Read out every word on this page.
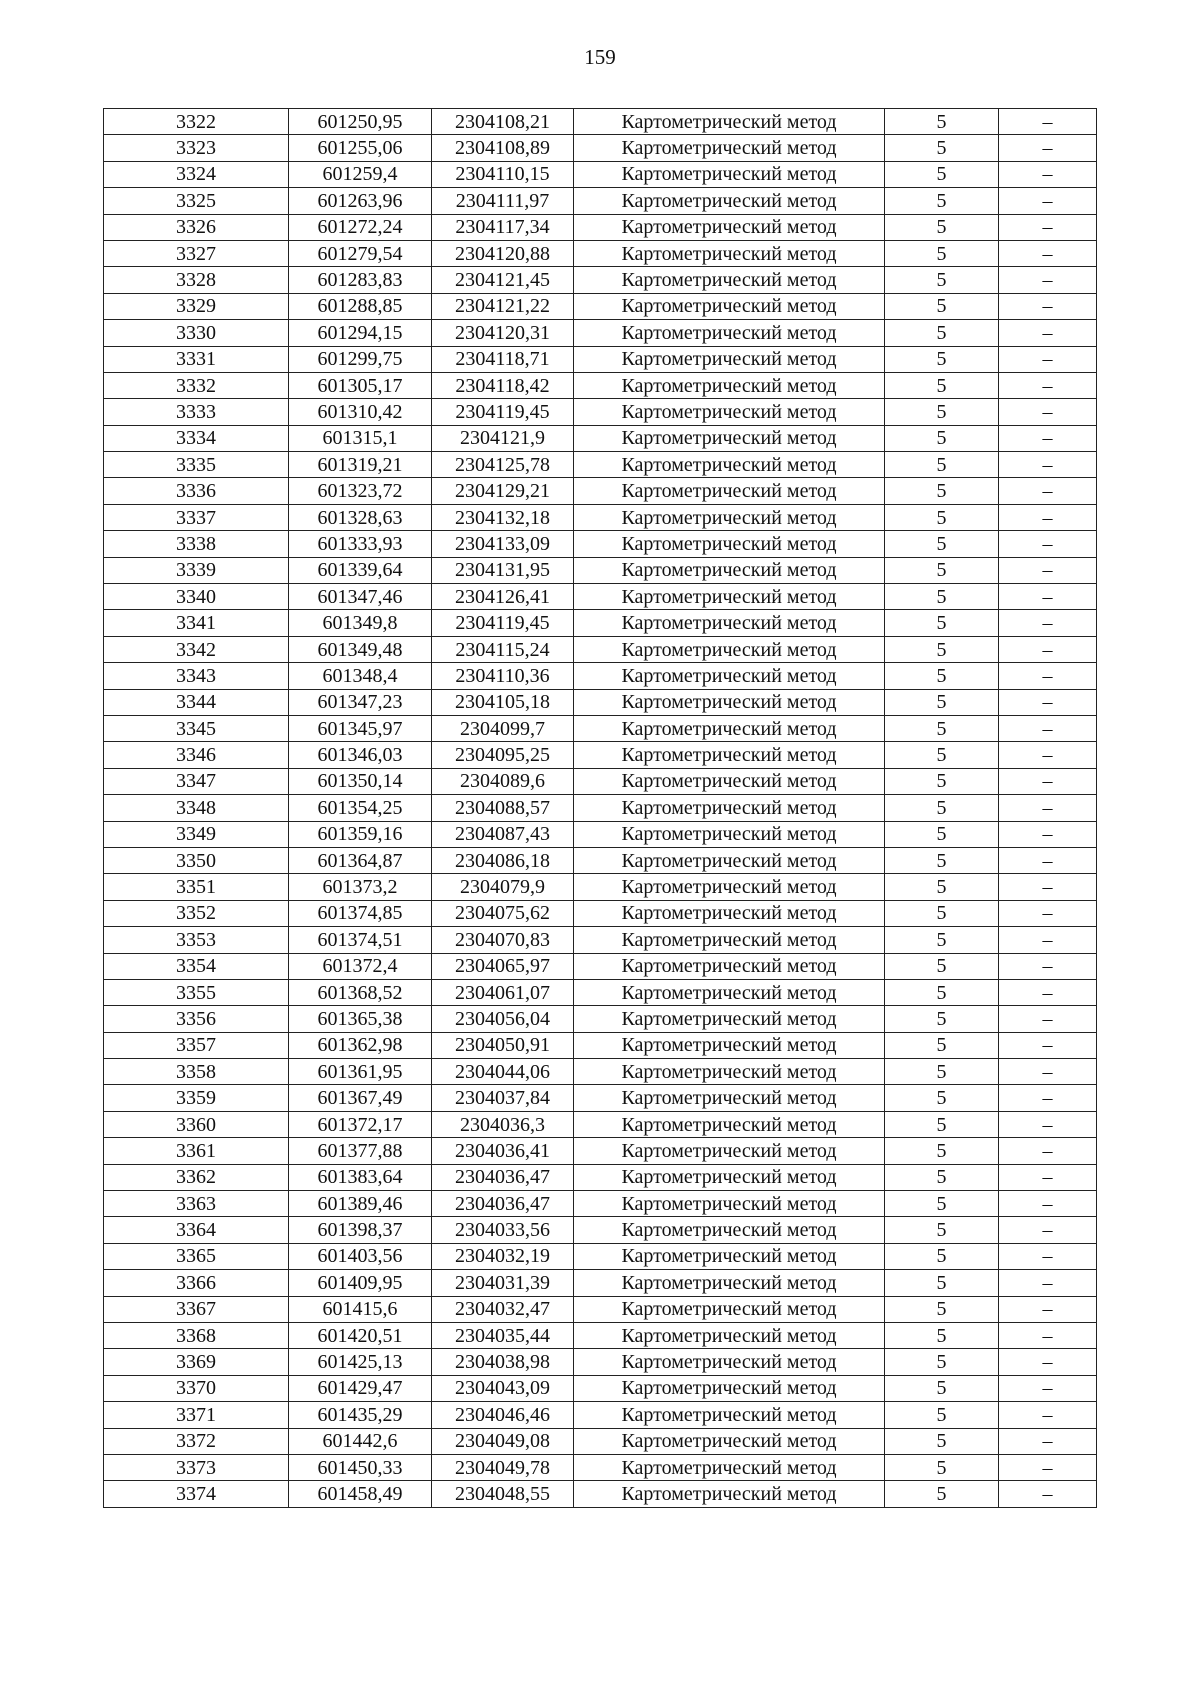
159
3322	601250,95	2304108,21	Картометрический метод	5	–
3323	601255,06	2304108,89	Картометрический метод	5	–
3324	601259,4	2304110,15	Картометрический метод	5	–
3325	601263,96	2304111,97	Картометрический метод	5	–
3326	601272,24	2304117,34	Картометрический метод	5	–
3327	601279,54	2304120,88	Картометрический метод	5	–
3328	601283,83	2304121,45	Картометрический метод	5	–
3329	601288,85	2304121,22	Картометрический метод	5	–
3330	601294,15	2304120,31	Картометрический метод	5	–
3331	601299,75	2304118,71	Картометрический метод	5	–
3332	601305,17	2304118,42	Картометрический метод	5	–
3333	601310,42	2304119,45	Картометрический метод	5	–
3334	601315,1	2304121,9	Картометрический метод	5	–
3335	601319,21	2304125,78	Картометрический метод	5	–
3336	601323,72	2304129,21	Картометрический метод	5	–
3337	601328,63	2304132,18	Картометрический метод	5	–
3338	601333,93	2304133,09	Картометрический метод	5	–
3339	601339,64	2304131,95	Картометрический метод	5	–
3340	601347,46	2304126,41	Картометрический метод	5	–
3341	601349,8	2304119,45	Картометрический метод	5	–
3342	601349,48	2304115,24	Картометрический метод	5	–
3343	601348,4	2304110,36	Картометрический метод	5	–
3344	601347,23	2304105,18	Картометрический метод	5	–
3345	601345,97	2304099,7	Картометрический метод	5	–
3346	601346,03	2304095,25	Картометрический метод	5	–
3347	601350,14	2304089,6	Картометрический метод	5	–
3348	601354,25	2304088,57	Картометрический метод	5	–
3349	601359,16	2304087,43	Картометрический метод	5	–
3350	601364,87	2304086,18	Картометрический метод	5	–
3351	601373,2	2304079,9	Картометрический метод	5	–
3352	601374,85	2304075,62	Картометрический метод	5	–
3353	601374,51	2304070,83	Картометрический метод	5	–
3354	601372,4	2304065,97	Картометрический метод	5	–
3355	601368,52	2304061,07	Картометрический метод	5	–
3356	601365,38	2304056,04	Картометрический метод	5	–
3357	601362,98	2304050,91	Картометрический метод	5	–
3358	601361,95	2304044,06	Картометрический метод	5	–
3359	601367,49	2304037,84	Картометрический метод	5	–
3360	601372,17	2304036,3	Картометрический метод	5	–
3361	601377,88	2304036,41	Картометрический метод	5	–
3362	601383,64	2304036,47	Картометрический метод	5	–
3363	601389,46	2304036,47	Картометрический метод	5	–
3364	601398,37	2304033,56	Картометрический метод	5	–
3365	601403,56	2304032,19	Картометрический метод	5	–
3366	601409,95	2304031,39	Картометрический метод	5	–
3367	601415,6	2304032,47	Картометрический метод	5	–
3368	601420,51	2304035,44	Картометрический метод	5	–
3369	601425,13	2304038,98	Картометрический метод	5	–
3370	601429,47	2304043,09	Картометрический метод	5	–
3371	601435,29	2304046,46	Картометрический метод	5	–
3372	601442,6	2304049,08	Картометрический метод	5	–
3373	601450,33	2304049,78	Картометрический метод	5	–
3374	601458,49	2304048,55	Картометрический метод	5	–
